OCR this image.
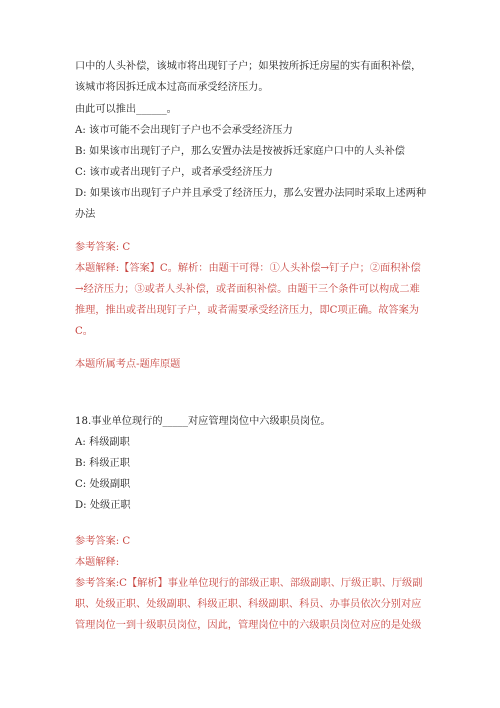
口中的人头补偿，该城市将出现钉子户；如果按所拆迁房屋的实有面积补偿，
该城市将因拆迁成本过高而承受经济压力。
由此可以推出______。
A: 该市可能不会出现钉子户也不会承受经济压力
B: 如果该市出现钉子户，那么安置办法是按被拆迁家庭户口中的人头补偿
C: 该市或者出现钉子户，或者承受经济压力
D: 如果该市出现钉子户并且承受了经济压力，那么安置办法同时采取上述两种
办法
参考答案: C
本题解释:【答案】C。解析：由题干可得：①人头补偿→钉子户；②面积补偿
→经济压力；③或者人头补偿，或者面积补偿。由题干三个条件可以构成二难
推理，推出或者出现钉子户，或者需要承受经济压力，即C项正确。故答案为
C。
本题所属考点-题库原题
18.事业单位现行的_____对应管理岗位中六级职员岗位。
A: 科级副职
B: 科级正职
C: 处级副职
D: 处级正职
参考答案: C
本题解释:
参考答案:C【解析】事业单位现行的部级正职、部级副职、厅级正职、厅级副
职、处级正职、处级副职、科级正职、科级副职、科员、办事员依次分别对应
管理岗位一到十级职员岗位，因此，管理岗位中的六级职员岗位对应的是处级
